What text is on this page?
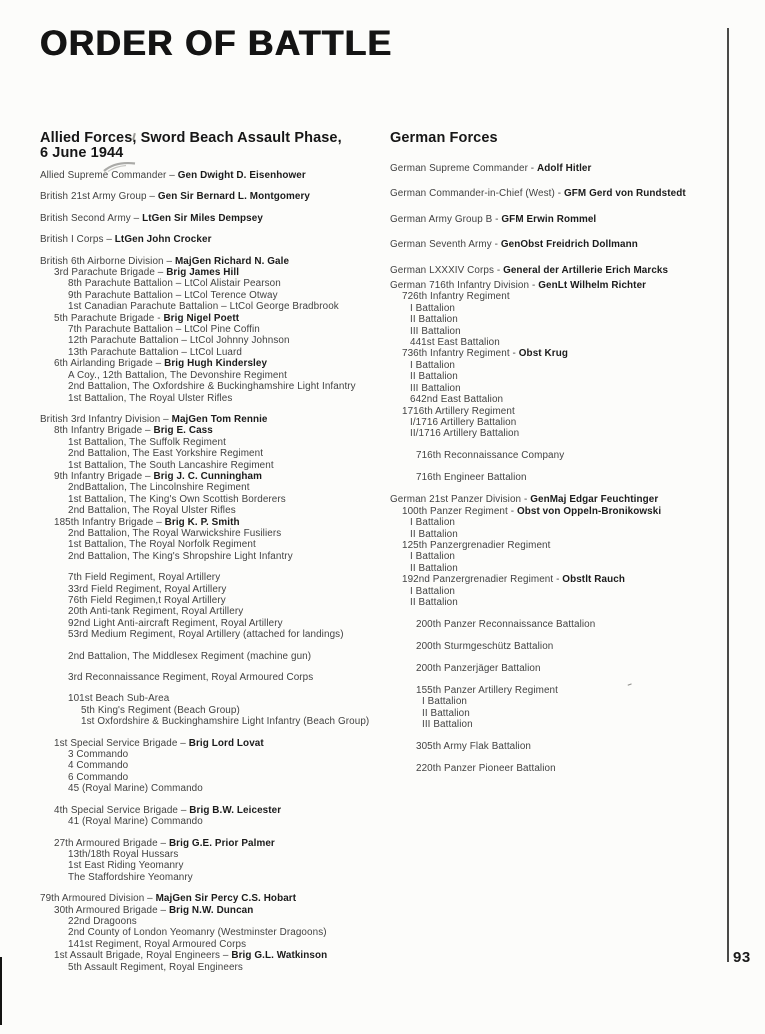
ORDER OF BATTLE
Allied Forces, Sword Beach Assault Phase,
6 June 1944
Allied Supreme Commander – Gen Dwight D. Eisenhower
British 21st Army Group – Gen Sir Bernard L. Montgomery
British Second Army – LtGen Sir Miles Dempsey
British I Corps – LtGen John Crocker
British 6th Airborne Division – MajGen Richard N. Gale
3rd Parachute Brigade – Brig James Hill
8th Parachute Battalion – LtCol Alistair Pearson
9th Parachute Battalion – LtCol Terence Otway
1st Canadian Parachute Battalion – LtCol George Bradbrook
5th Parachute Brigade - Brig Nigel Poett
7th Parachute Battalion – LtCol Pine Coffin
12th Parachute Battalion – LtCol Johnny Johnson
13th Parachute Battalion – LtCol Luard
6th Airlanding Brigade – Brig Hugh Kindersley
A Coy., 12th Battalion, The Devonshire Regiment
2nd Battalion, The Oxfordshire & Buckinghamshire Light Infantry
1st Battalion, The Royal Ulster Rifles
British 3rd Infantry Division – MajGen Tom Rennie
8th Infantry Brigade – Brig E. Cass
1st Battalion, The Suffolk Regiment
2nd Battalion, The East Yorkshire Regiment
1st Battalion, The South Lancashire Regiment
9th Infantry Brigade – Brig J. C. Cunningham
2ndBattalion, The Lincolnshire Regiment
1st Battalion, The King's Own Scottish Borderers
2nd Battalion, The Royal Ulster Rifles
185th Infantry Brigade – Brig K. P. Smith
2nd Battalion, The Royal Warwickshire Fusiliers
1st Battalion, The Royal Norfolk Regiment
2nd Battalion, The King's Shropshire Light Infantry
7th Field Regiment, Royal Artillery
33rd Field Regiment, Royal Artillery
76th Field Regimen,t Royal Artillery
20th Anti-tank Regiment, Royal Artillery
92nd Light Anti-aircraft Regiment, Royal Artillery
53rd Medium Regiment, Royal Artillery (attached for landings)
2nd Battalion, The Middlesex Regiment (machine gun)
3rd Reconnaissance Regiment, Royal Armoured Corps
101st Beach Sub-Area
5th King's Regiment (Beach Group)
1st Oxfordshire & Buckinghamshire Light Infantry (Beach Group)
1st Special Service Brigade – Brig Lord Lovat
3 Commando
4 Commando
6 Commando
45 (Royal Marine) Commando
4th Special Service Brigade – Brig B.W. Leicester
41 (Royal Marine) Commando
27th Armoured Brigade – Brig G.E. Prior Palmer
13th/18th Royal Hussars
1st East Riding Yeomanry
The Staffordshire Yeomanry
79th Armoured Division – MajGen Sir Percy C.S. Hobart
30th Armoured Brigade – Brig N.W. Duncan
22nd Dragoons
2nd County of London Yeomanry (Westminster Dragoons)
141st Regiment, Royal Armoured Corps
1st Assault Brigade, Royal Engineers – Brig G.L. Watkinson
5th Assault Regiment, Royal Engineers
German Forces
German Supreme Commander - Adolf Hitler
German Commander-in-Chief (West) - GFM Gerd von Rundstedt
German Army Group B - GFM Erwin Rommel
German Seventh Army - GenObst Freidrich Dollmann
German LXXXIV Corps - General der Artillerie Erich Marcks
German 716th Infantry Division - GenLt Wilhelm Richter
726th Infantry Regiment
I Battalion
II Battalion
III Battalion
441st East Battalion
736th Infantry Regiment - Obst Krug
I Battalion
II Battalion
III Battalion
642nd East Battalion
1716th Artillery Regiment
I/1716 Artillery Battalion
II/1716 Artillery Battalion
716th Reconnaissance Company
716th Engineer Battalion
German 21st Panzer Division - GenMaj Edgar Feuchtinger
100th Panzer Regiment - Obst von Oppeln-Bronikowski
I Battalion
II Battalion
125th Panzergrenadier Regiment
I Battalion
II Battalion
192nd Panzergrenadier Regiment - Obstlt Rauch
I Battalion
II Battalion
200th Panzer Reconnaissance Battalion
200th Sturmgeschütz Battalion
200th Panzerjäger Battalion
155th Panzer Artillery Regiment
I Battalion
II Battalion
III Battalion
305th Army Flak Battalion
220th Panzer Pioneer Battalion
93
